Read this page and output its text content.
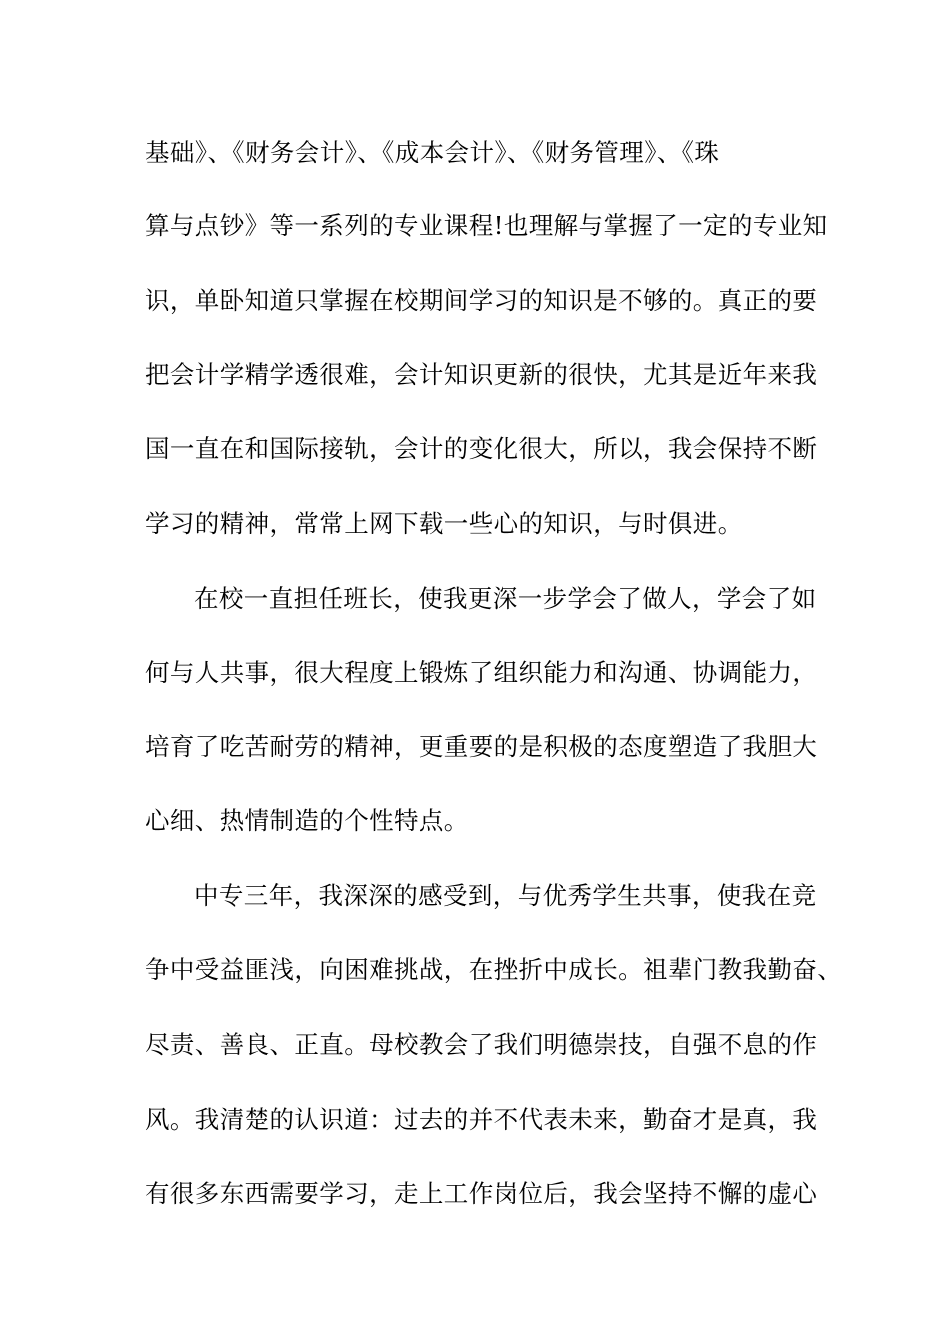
基础》、《财务会计》、《成本会计》、《财务管理》、《珠
算与点钞》等一系列的专业课程!也理解与掌握了一定的专业知
识，单卧知道只掌握在校期间学习的知识是不够的。真正的要
把会计学精学透很难，会计知识更新的很快，尤其是近年来我
国一直在和国际接轨，会计的变化很大，所以，我会保持不断
学习的精神，常常上网下载一些心的知识，与时俱进。
在校一直担任班长，使我更深一步学会了做人，学会了如
何与人共事，很大程度上锻炼了组织能力和沟通、协调能力，
培育了吃苦耐劳的精神，更重要的是积极的态度塑造了我胆大
心细、热情制造的个性特点。
中专三年，我深深的感受到，与优秀学生共事，使我在竞
争中受益匪浅，向困难挑战，在挫折中成长。祖辈门教我勤奋、
尽责、善良、正直。母校教会了我们明德崇技，自强不息的作
风。我清楚的认识道：过去的并不代表未来，勤奋才是真，我
有很多东西需要学习，走上工作岗位后，我会坚持不懈的虚心
